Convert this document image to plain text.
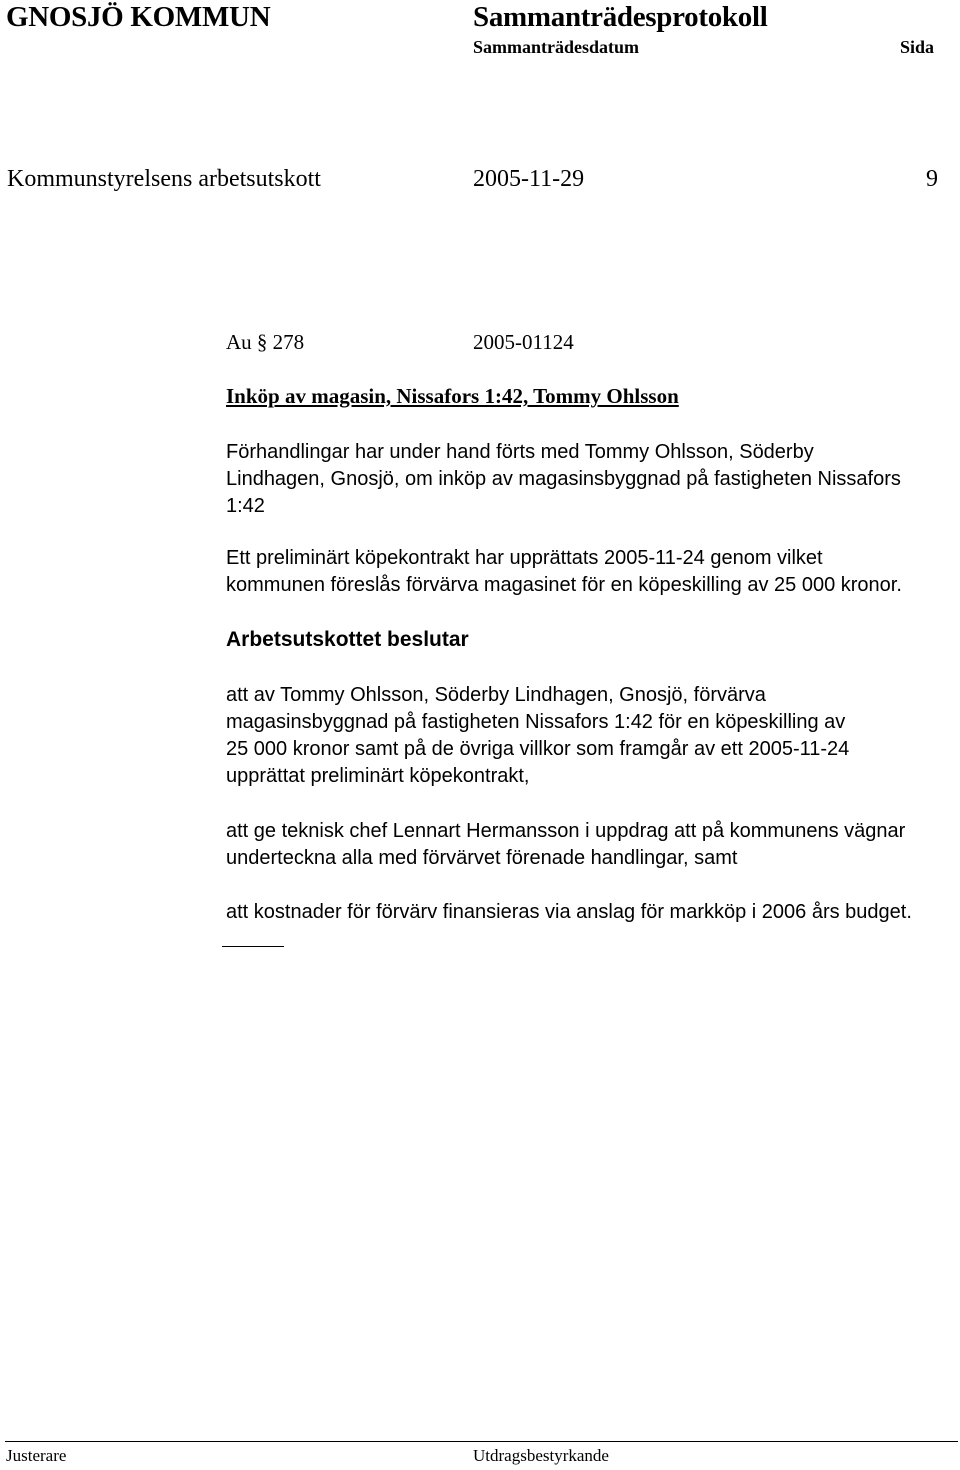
GNOSJÖ KOMMUN	Sammanträdesprotokoll
Sammanträdesdatum	Sida
Kommunstyrelsens arbetsutskott	2005-11-29	9
Au § 278	2005-01124
Inköp av magasin, Nissafors 1:42, Tommy Ohlsson

Förhandlingar har under hand förts med Tommy Ohlsson, Söderby

Lindhagen, Gnosjö, om inköp av magasinsbyggnad på fastigheten Nissafors

1:42

Ett preliminärt köpekontrakt har upprättats 2005-11-24 genom vilket

kommunen föreslås förvärva magasinet för en köpeskilling av 25 000 kronor.

Arbetsutskottet beslutar

att av Tommy Ohlsson, Söderby Lindhagen, Gnosjö, förvärva

magasinsbyggnad på fastigheten Nissafors 1:42 för en köpeskilling av

25 000 kronor samt på de övriga villkor som framgår av ett 2005-11-24

upprättat preliminärt köpekontrakt,

att ge teknisk chef Lennart Hermansson i uppdrag att på kommunens vägnar

underteckna alla med förvärvet förenade handlingar, samt

att kostnader för förvärv finansieras via anslag för markköp i 2006 års budget.

Justerare	Utdragsbestyrkande
